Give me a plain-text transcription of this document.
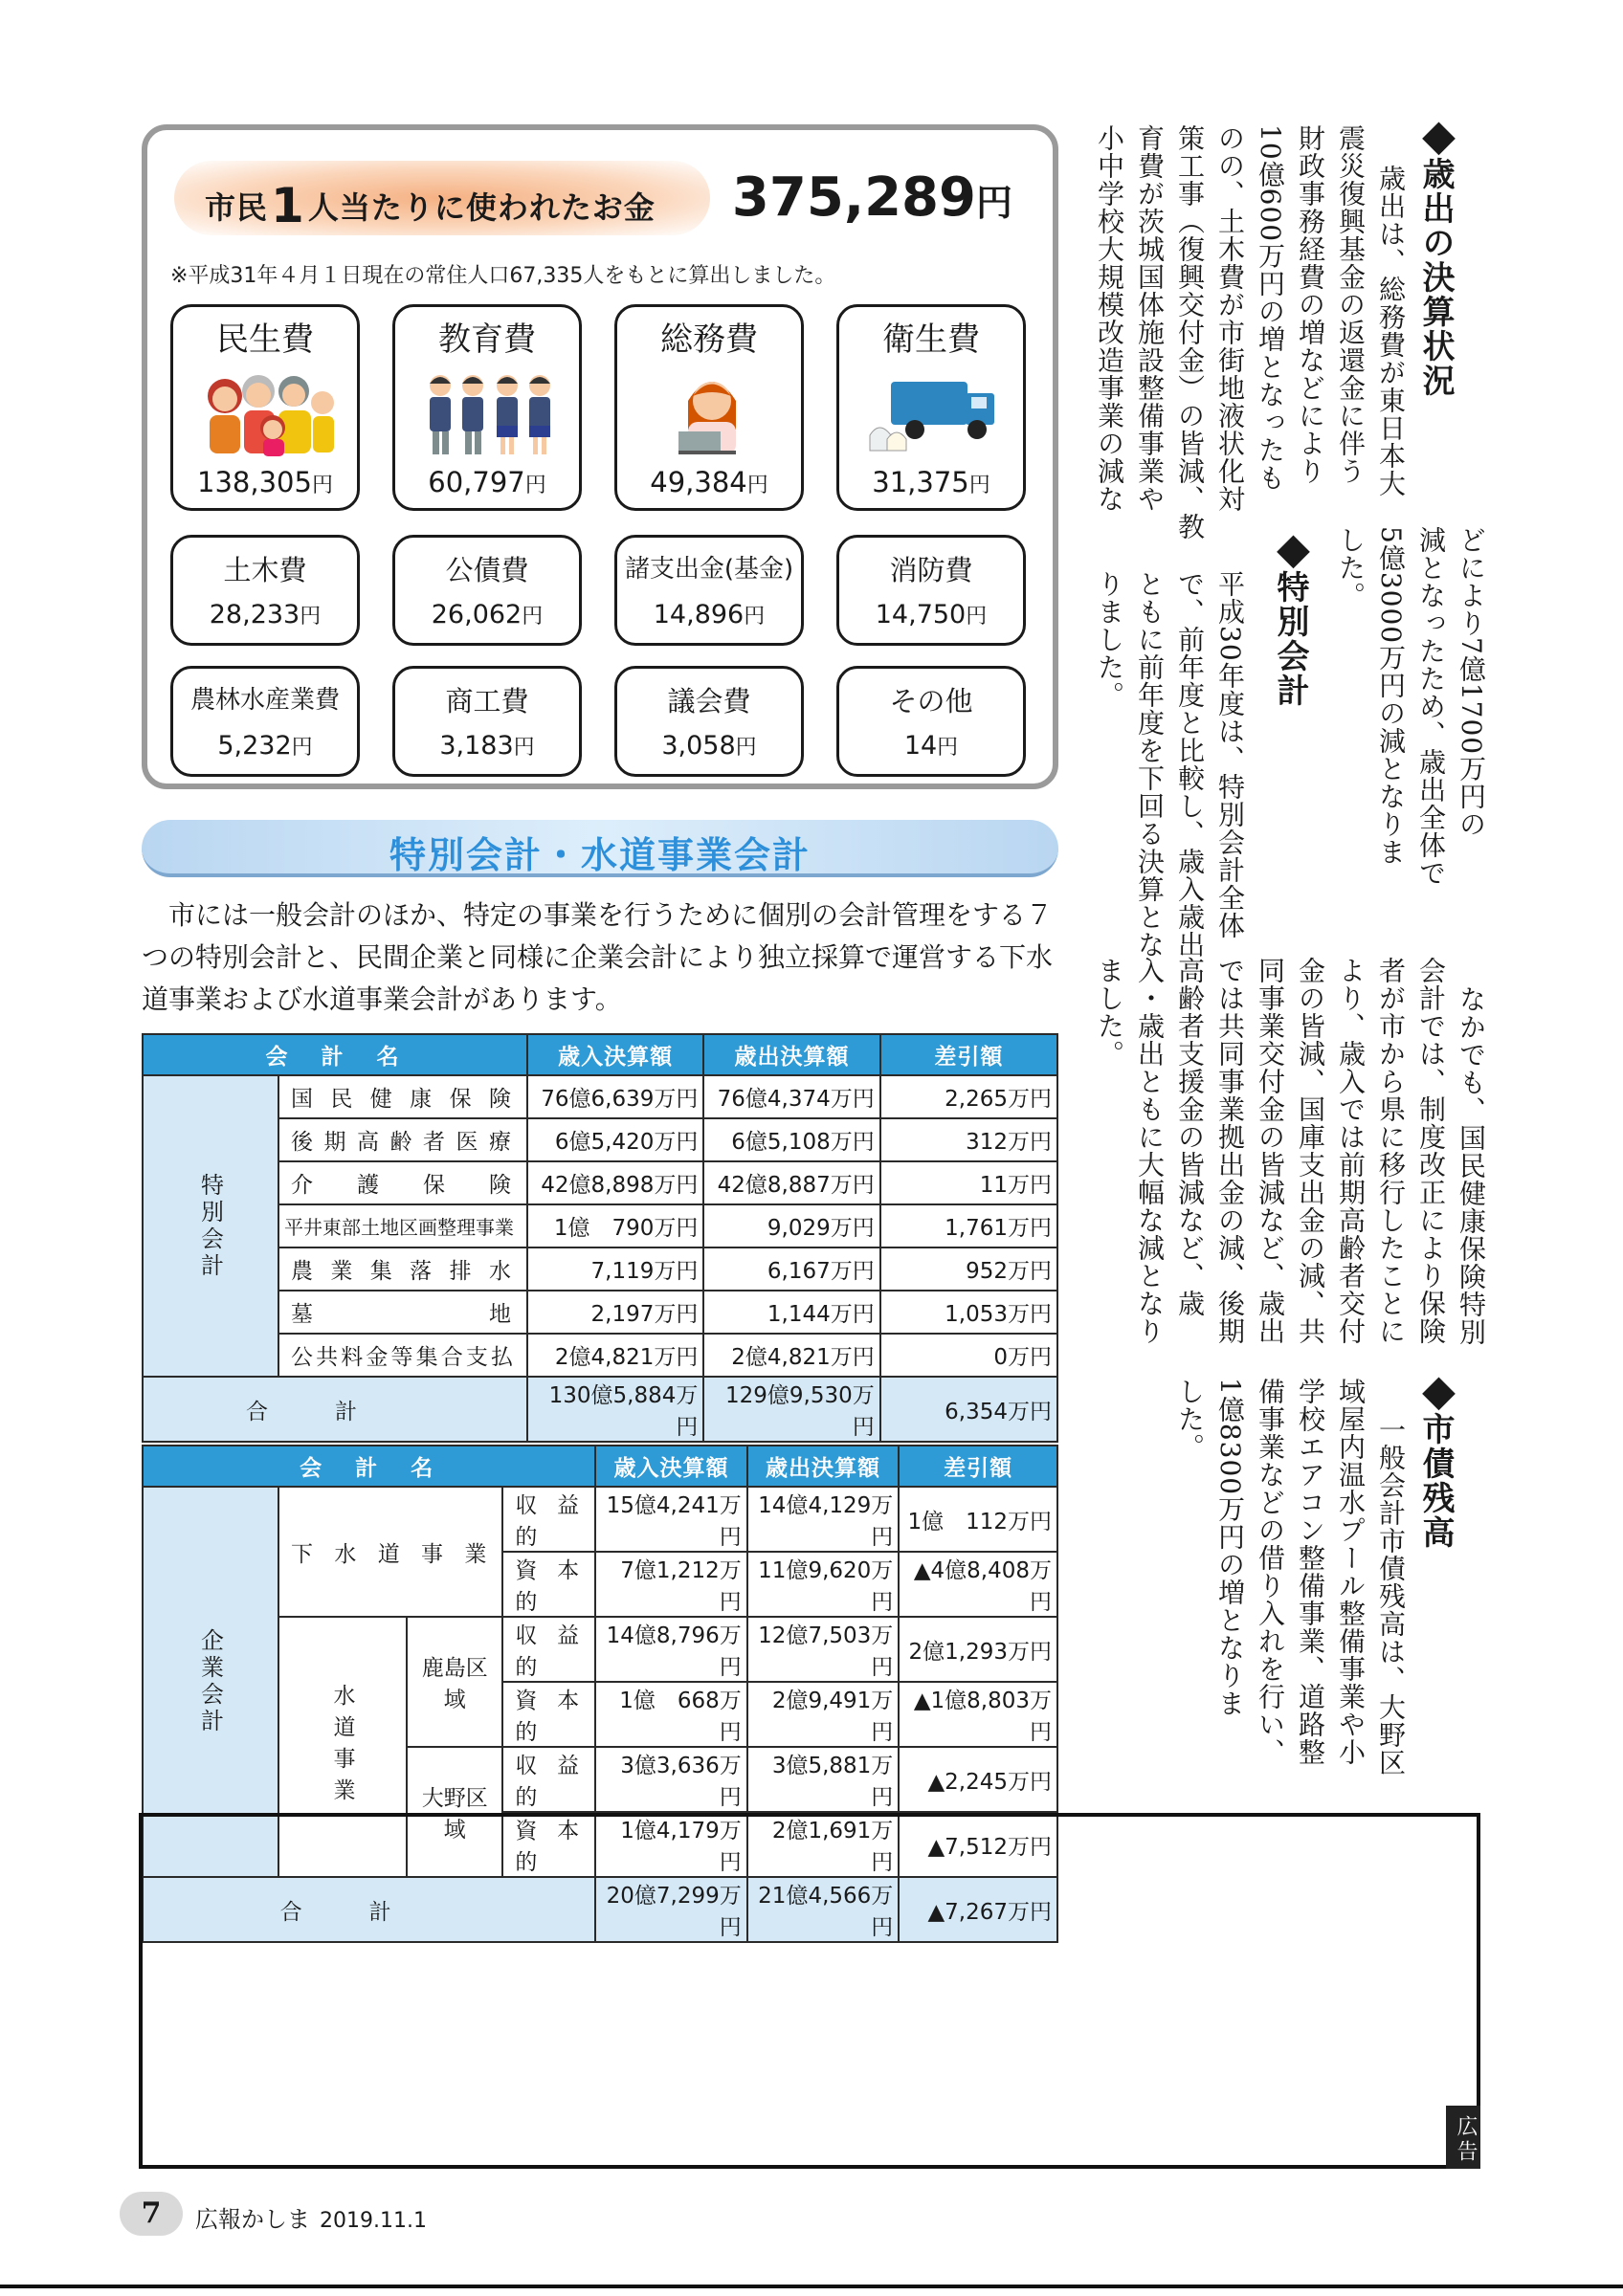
市民1人当たりに使われたお金 375,289円
※平成31年４月１日現在の常住人口67,335人をもとに算出しました。
民生費
138,305円
教育費
60,797円
総務費
49,384円
衛生費
31,375円
土木費
28,233円
公債費
26,062円
諸支出金(基金)
14,896円
消防費
14,750円
農林水産業費
5,232円
商工費
3,183円
議会費
3,058円
その他
14円
特別会計・水道事業会計

市には一般会計のほか、特定の事業を行うために個別の会計管理をする７つの特別会計と、民間企業と同様に企業会計により独立採算で運営する下水道事業および水道事業会計があります。

会　計　名		歳入決算額	歳出決算額	差引額
特別会計	国民健康保険	76億6,639万円	76億4,374万円	2,265万円
	後期高齢者医療	6億5,420万円	6億5,108万円	312万円
	介護保険	42億8,898万円	42億8,887万円	11万円
	平井東部土地区画整理事業	1億　790万円	9,029万円	1,761万円
	農業集落排水	7,119万円	6,167万円	952万円
	墓地	2,197万円	1,144万円	1,053万円
	公共料金等集合支払	2億4,821万円	2億4,821万円	0万円
合計		130億5,884万円	129億9,530万円	6,354万円
会　計　名				歳入決算額	歳出決算額	差引額
企業会計	下水道事業		収益的	15億4,241万円	14億4,129万円	1億　112万円
			資本的	7億1,212万円	11億9,620万円	▲4億8,408万円
	水道事業	鹿島区域	収益的	14億8,796万円	12億7,503万円	2億1,293万円
			資本的	1億　668万円	2億9,491万円	▲1億8,803万円
		大野区域	収益的	3億3,636万円	3億5,881万円	▲2,245万円
			資本的	1億4,179万円	2億1,691万円	▲7,512万円
合計				20億7,299万円	21億4,566万円	▲7,267万円
◆歳出の決算状況
歳出は、総務費が東日本大
震災復興基金の返還金に伴う
財政事務経費の増などにより
10億600万円の増となったも
のの、土木費が市街地液状化対
策工事（復興交付金）の皆減、教
育費が茨城国体施設整備事業や
小中学校大規模改造事業の減な
どにより7億1700万円の
減となったため、歳出全体で
5億3000万円の減となりま
した。
◆特別会計
平成30年度は、特別会計全体
で、前年度と比較し、歳入歳出
ともに前年度を下回る決算とな
りました。
なかでも、国民健康保険特別
会計では、制度改正により保険
者が市から県に移行したことに
より、歳入では前期高齢者交付
金の皆減、国庫支出金の減、共
同事業交付金の皆減など、歳出
では共同事業拠出金の減、後期
高齢者支援金の皆減など、歳
入・歳出ともに大幅な減となり
ました。
◆市債残高
一般会計市債残高は、大野区
域屋内温水プール整備事業や小
学校エアコン整備事業、道路整
備事業などの借り入れを行い、
1億8300万円の増となりま
した。
広告
7	広報かしま 2019.11.1
